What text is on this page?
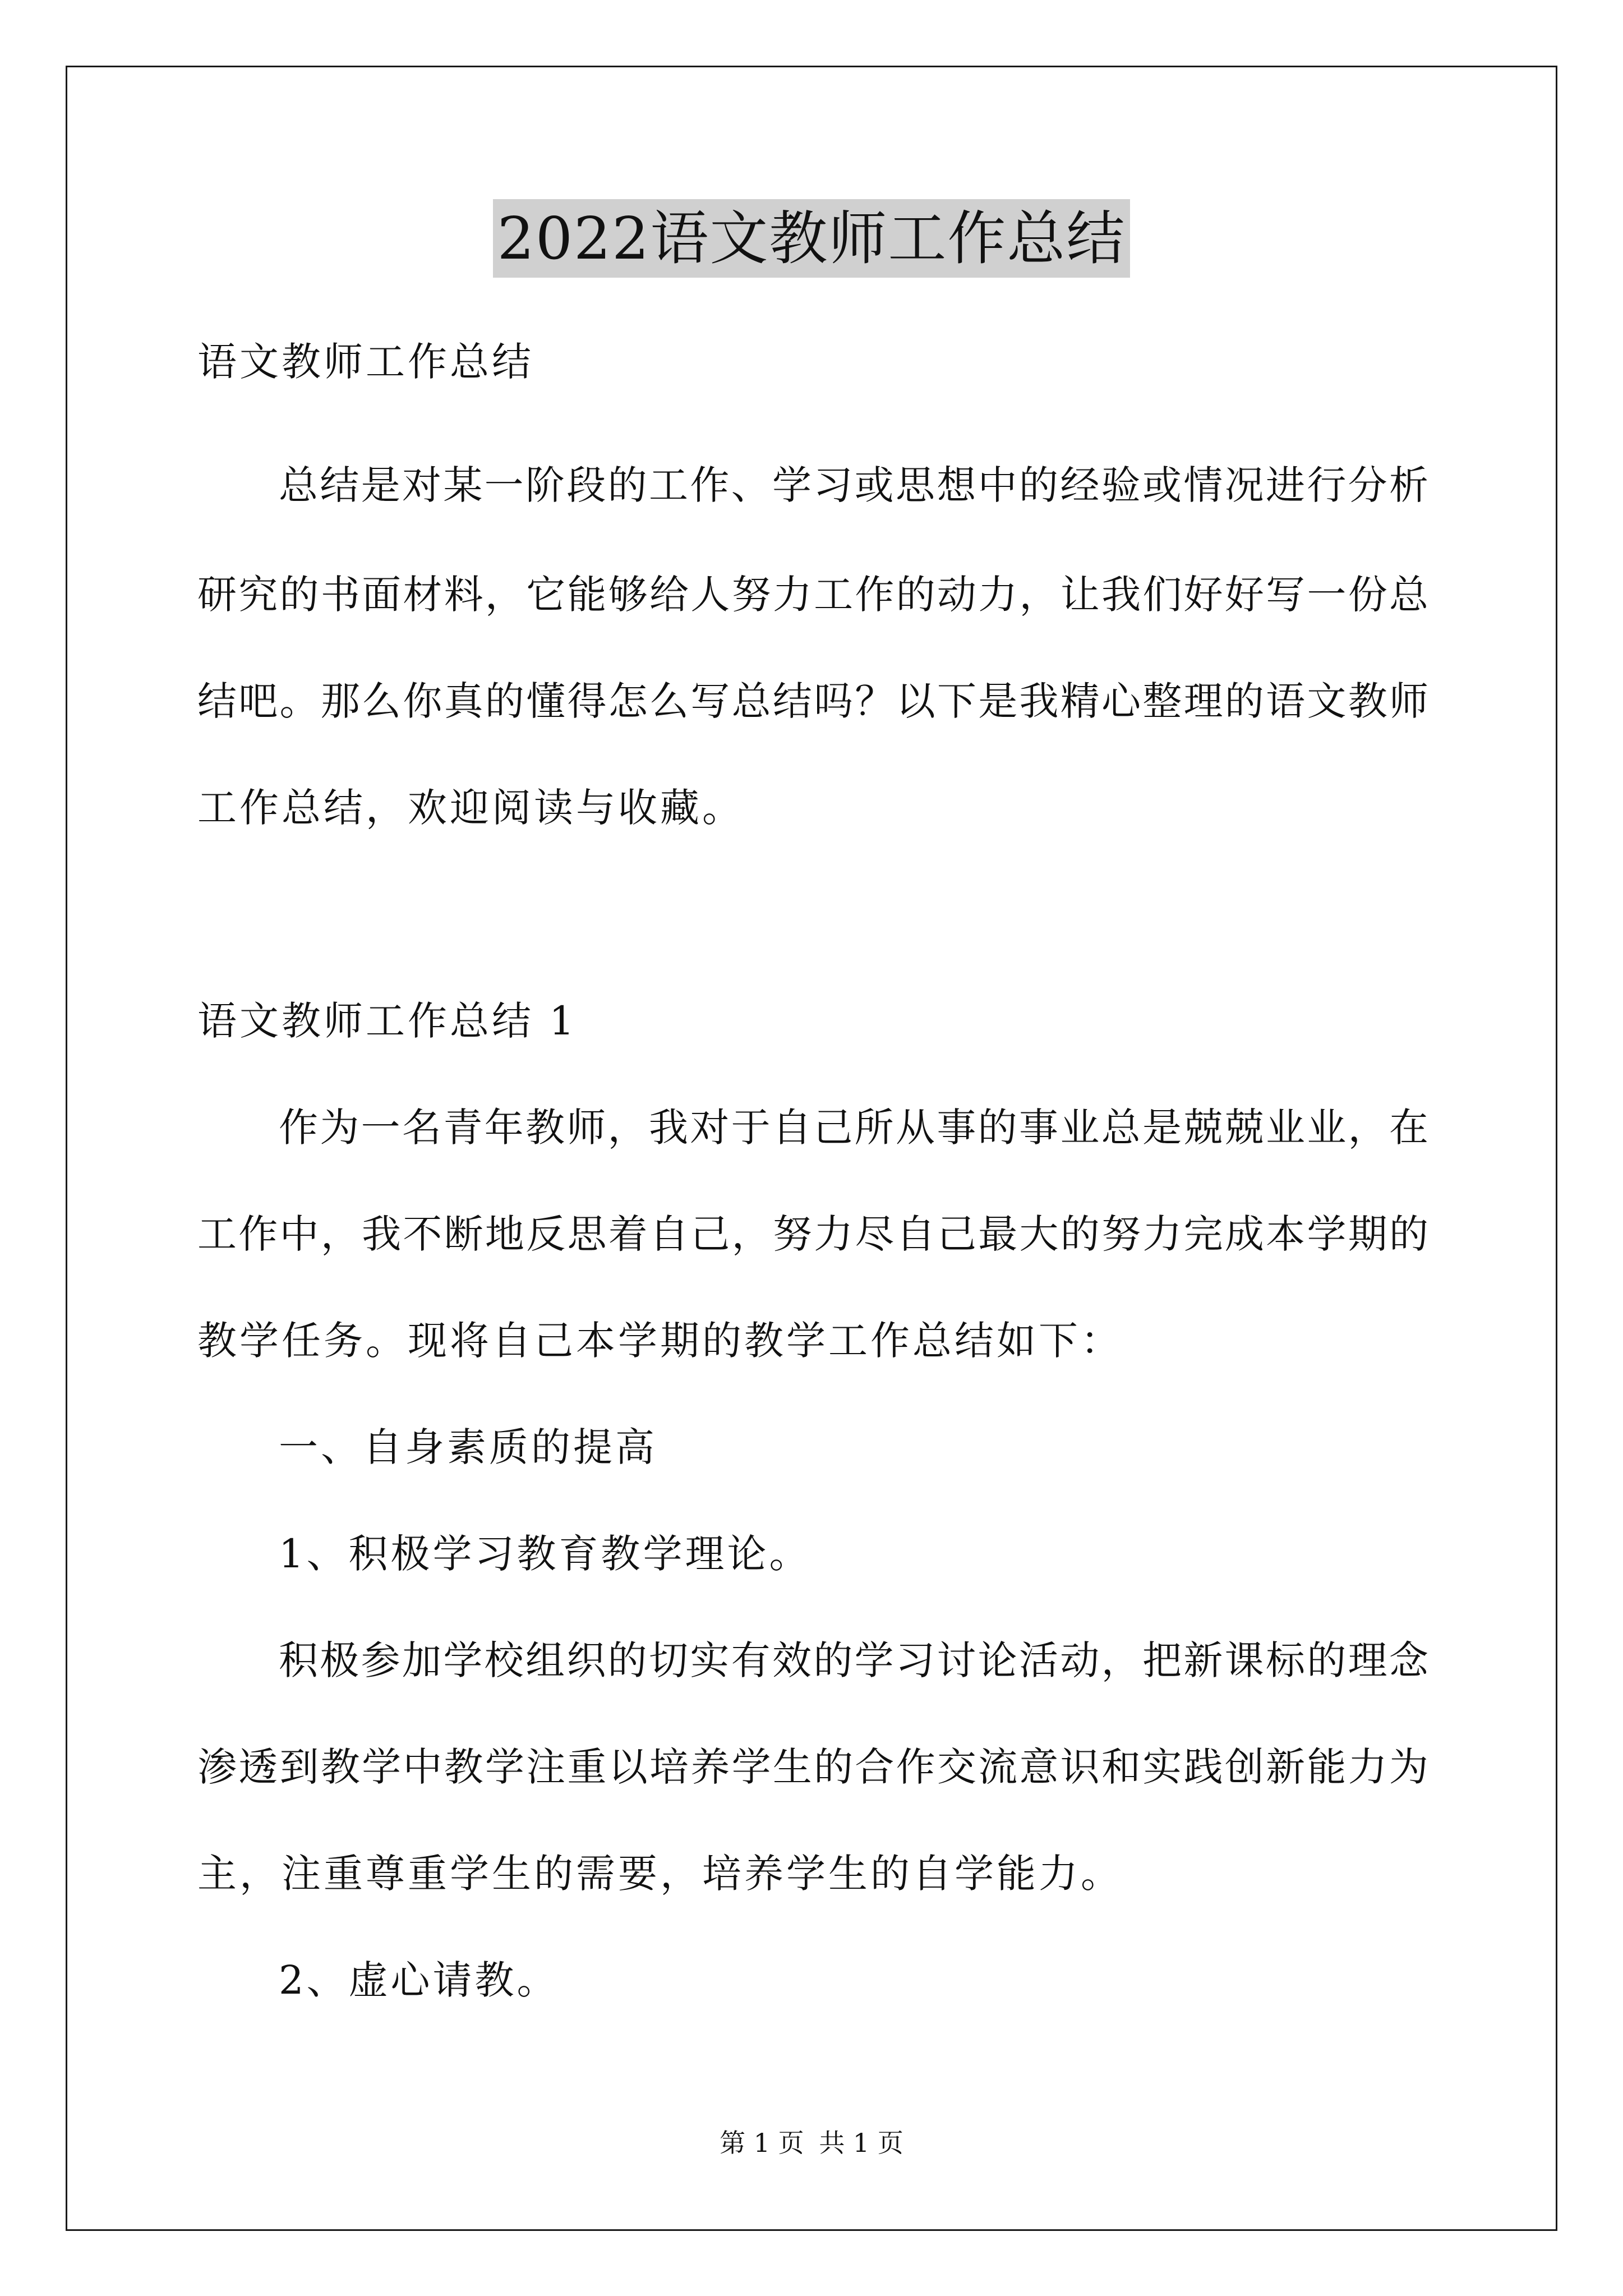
2022语文教师工作总结
语文教师工作总结
总结是对某一阶段的工作、学习或思想中的经验或情况进行分析
研究的书面材料，它能够给人努力工作的动力，让我们好好写一份总
结吧。那么你真的懂得怎么写总结吗？以下是我精心整理的语文教师
工作总结，欢迎阅读与收藏。
语文教师工作总结 1
作为一名青年教师，我对于自己所从事的事业总是兢兢业业，在
工作中，我不断地反思着自己，努力尽自己最大的努力完成本学期的
教学任务。现将自己本学期的教学工作总结如下：
一、自身素质的提高
1、积极学习教育教学理论。
积极参加学校组织的切实有效的学习讨论活动，把新课标的理念
渗透到教学中教学注重以培养学生的合作交流意识和实践创新能力为
主，注重尊重学生的需要，培养学生的自学能力。
2、虚心请教。
第 1 页 共 1 页
